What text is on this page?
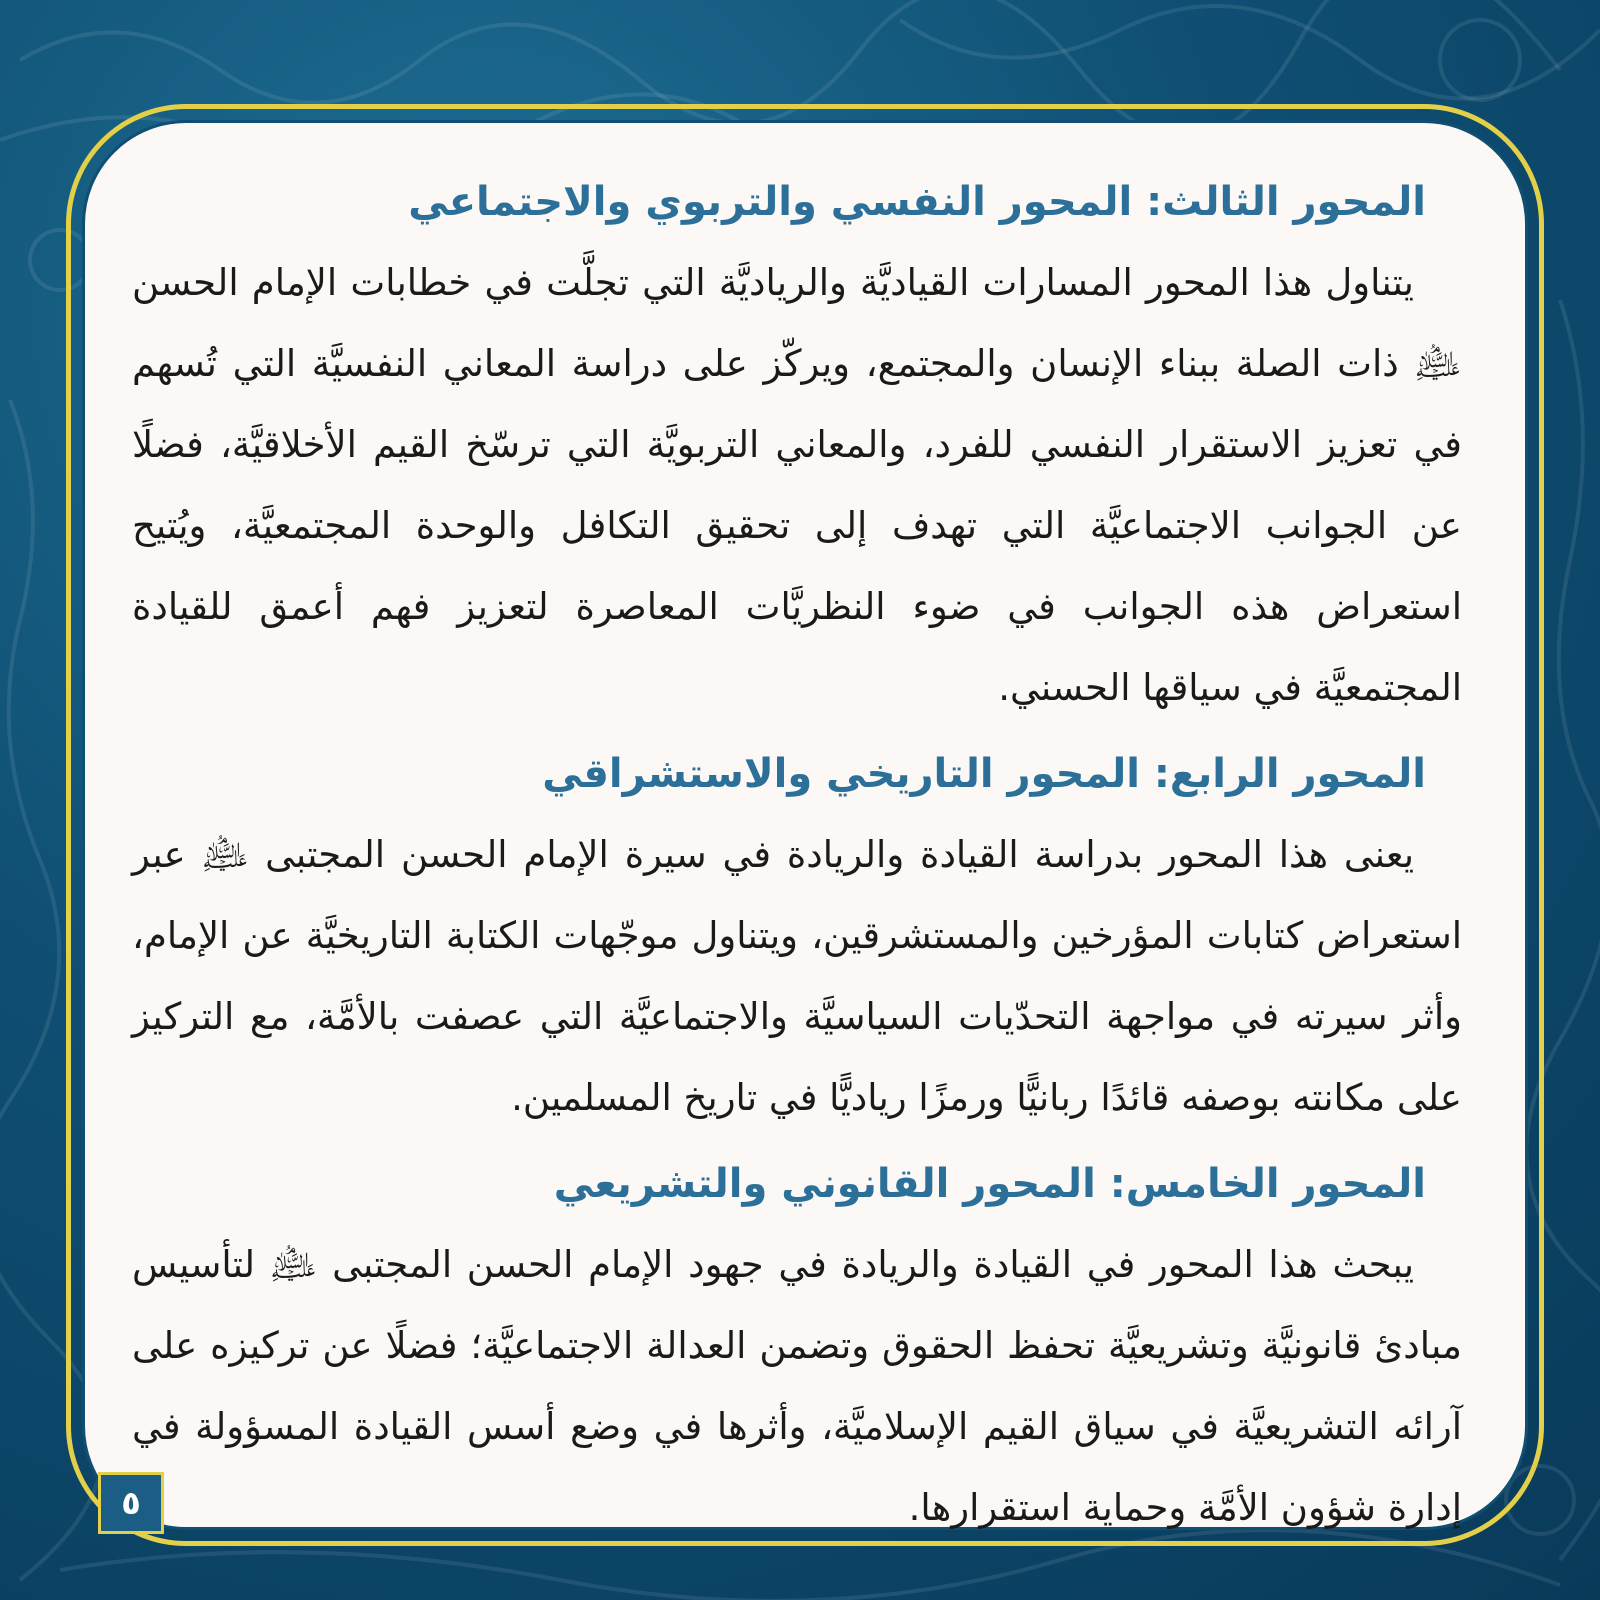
المحور الثالث: المحور النفسي والتربوي والاجتماعي

يتناول هذا المحور المسارات القياديَّة والرياديَّة التي تجلَّت في خطابات الإمام الحسن ﵇ ذات الصلة ببناء الإنسان والمجتمع، ويركّز على دراسة المعاني النفسيَّة التي تُسهم في تعزيز الاستقرار النفسي للفرد، والمعاني التربويَّة التي ترسّخ القيم الأخلاقيَّة، فضلًا عن الجوانب الاجتماعيَّة التي تهدف إلى تحقيق التكافل والوحدة المجتمعيَّة، ويُتيح استعراض هذه الجوانب في ضوء النظريَّات المعاصرة لتعزيز فهم أعمق للقيادة المجتمعيَّة في سياقها الحسني.

المحور الرابع: المحور التاريخي والاستشراقي

يعنى هذا المحور بدراسة القيادة والريادة في سيرة الإمام الحسن المجتبى ﵇ عبر استعراض كتابات المؤرخين والمستشرقين، ويتناول موجّهات الكتابة التاريخيَّة عن الإمام، وأثر سيرته في مواجهة التحدّيات السياسيَّة والاجتماعيَّة التي عصفت بالأمَّة، مع التركيز على مكانته بوصفه قائدًا ربانيًّا ورمزًا رياديًّا في تاريخ المسلمين.

المحور الخامس: المحور القانوني والتشريعي

يبحث هذا المحور في القيادة والريادة في جهود الإمام الحسن المجتبى ﵇ لتأسيس مبادئ قانونيَّة وتشريعيَّة تحفظ الحقوق وتضمن العدالة الاجتماعيَّة؛ فضلًا عن تركيزه على آرائه التشريعيَّة في سياق القيم الإسلاميَّة، وأثرها في وضع أسس القيادة المسؤولة في إدارة شؤون الأمَّة وحماية استقرارها.

٥
